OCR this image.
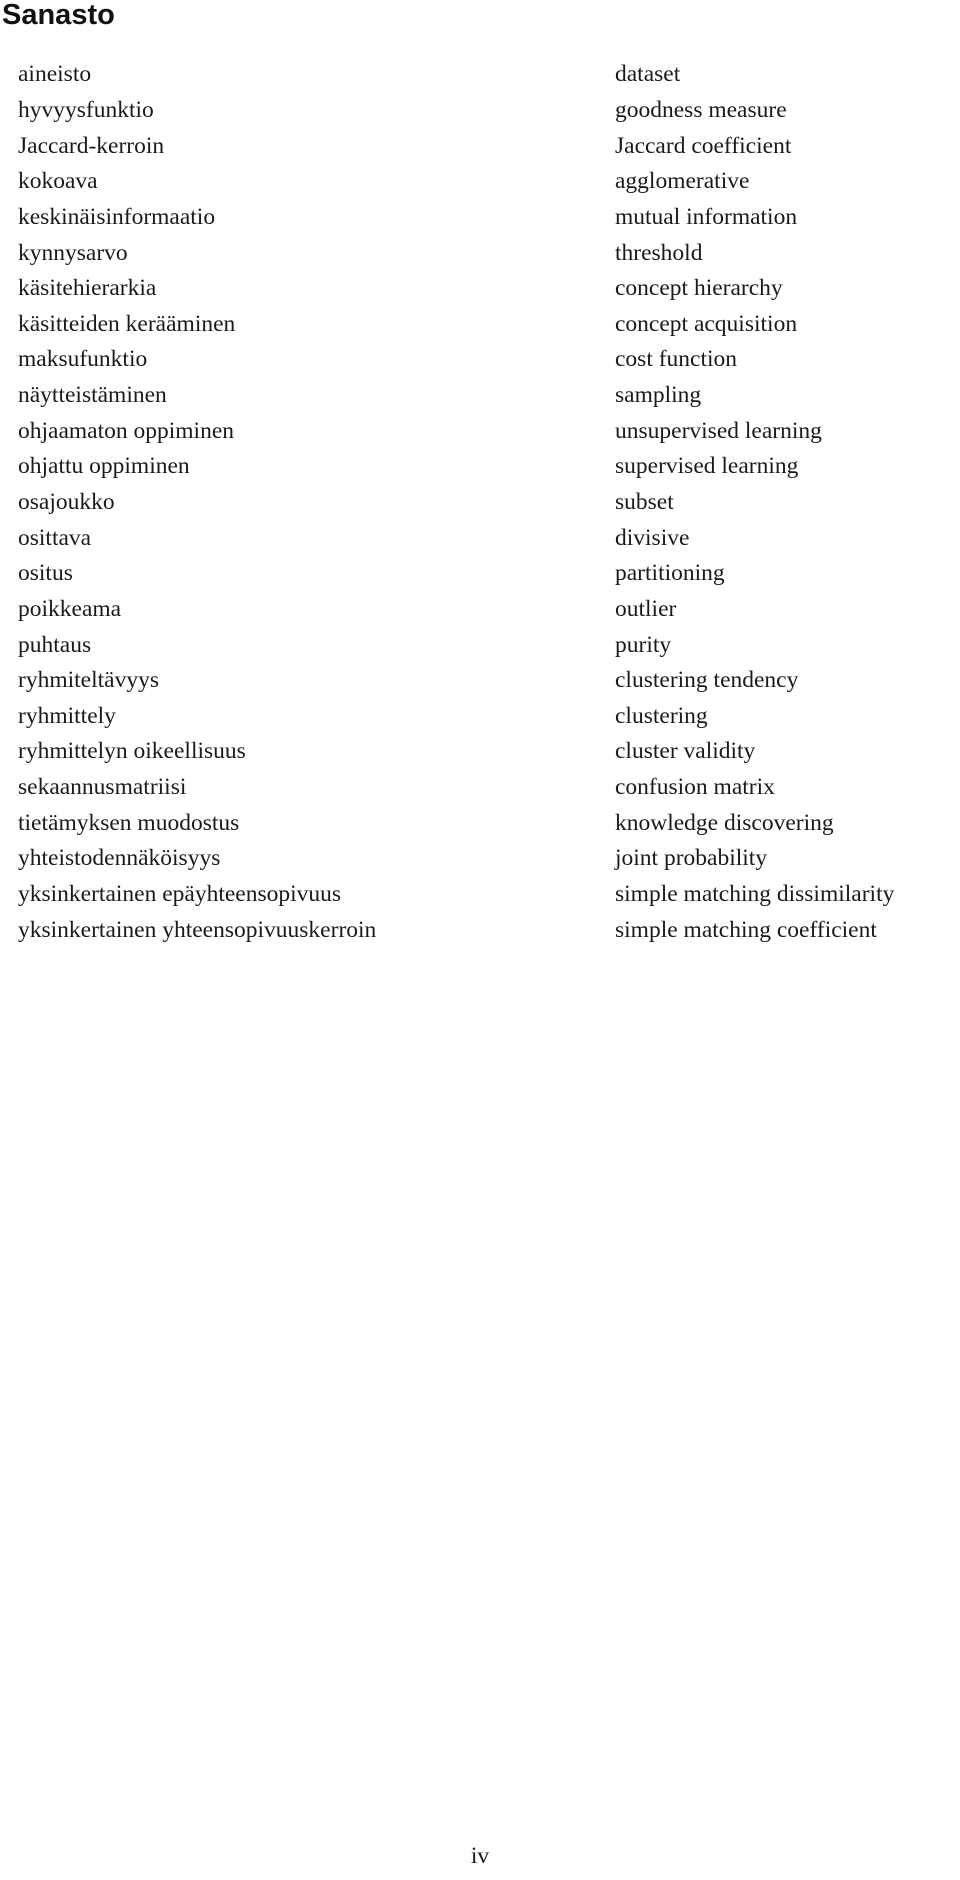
Sanasto
aineisto	dataset
hyvyysfunktio	goodness measure
Jaccard-kerroin	Jaccard coefficient
kokoava	agglomerative
keskinäisinformaatio	mutual information
kynnysarvo	threshold
käsitehierarkia	concept hierarchy
käsitteiden kerääminen	concept acquisition
maksufunktio	cost function
näytteistäminen	sampling
ohjaamaton oppiminen	unsupervised learning
ohjattu oppiminen	supervised learning
osajoukko	subset
osittava	divisive
ositus	partitioning
poikkeama	outlier
puhtaus	purity
ryhmiteltävyys	clustering tendency
ryhmittely	clustering
ryhmittelyn oikeellisuus	cluster validity
sekaannusmatriisi	confusion matrix
tietämyksen muodostus	knowledge discovering
yhteistodennäköisyys	joint probability
yksinkertainen epäyhteensopivuus	simple matching dissimilarity
yksinkertainen yhteensopivuuskerroin	simple matching coefficient
iv
